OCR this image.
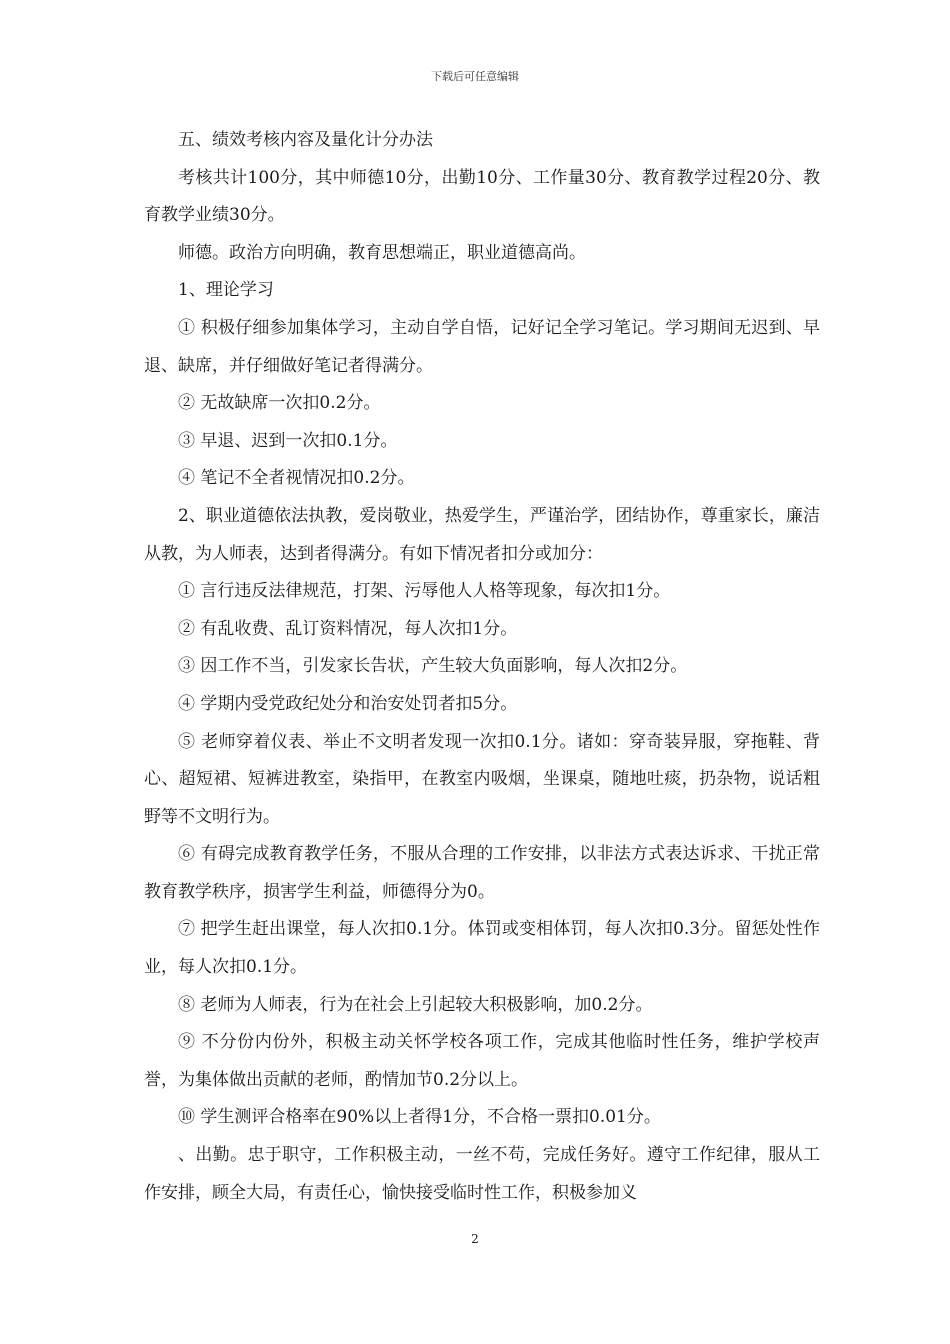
下载后可任意编辑

五、绩效考核内容及量化计分办法

考核共计100分，其中师德10分，出勤10分、工作量30分、教育教学过程20分、教育教学业绩30分。

师德。政治方向明确，教育思想端正，职业道德高尚。

1、理论学习

① 积极仔细参加集体学习，主动自学自悟，记好记全学习笔记。学习期间无迟到、早退、缺席，并仔细做好笔记者得满分。

② 无故缺席一次扣0.2分。

③ 早退、迟到一次扣0.1分。

④ 笔记不全者视情况扣0.2分。

2、职业道德依法执教，爱岗敬业，热爱学生，严谨治学，团结协作，尊重家长，廉洁从教，为人师表，达到者得满分。有如下情况者扣分或加分：

① 言行违反法律规范，打架、污辱他人人格等现象，每次扣1分。

② 有乱收费、乱订资料情况，每人次扣1分。

③ 因工作不当，引发家长告状，产生较大负面影响，每人次扣2分。

④ 学期内受党政纪处分和治安处罚者扣5分。

⑤ 老师穿着仪表、举止不文明者发现一次扣0.1分。诸如：穿奇装异服，穿拖鞋、背心、超短裙、短裤进教室，染指甲，在教室内吸烟，坐课桌，随地吐痰，扔杂物，说话粗野等不文明行为。

⑥ 有碍完成教育教学任务，不服从合理的工作安排，以非法方式表达诉求、干扰正常教育教学秩序，损害学生利益，师德得分为0。

⑦ 把学生赶出课堂，每人次扣0.1分。体罚或变相体罚，每人次扣0.3分。留惩处性作业，每人次扣0.1分。

⑧ 老师为人师表，行为在社会上引起较大积极影响，加0.2分。

⑨ 不分份内份外，积极主动关怀学校各项工作，完成其他临时性任务，维护学校声誉，为集体做出贡献的老师，酌情加节0.2分以上。

⑩ 学生测评合格率在90%以上者得1分，不合格一票扣0.01分。

、出勤。忠于职守，工作积极主动，一丝不苟，完成任务好。遵守工作纪律，服从工作安排，顾全大局，有责任心，愉快接受临时性工作，积极参加义

2
